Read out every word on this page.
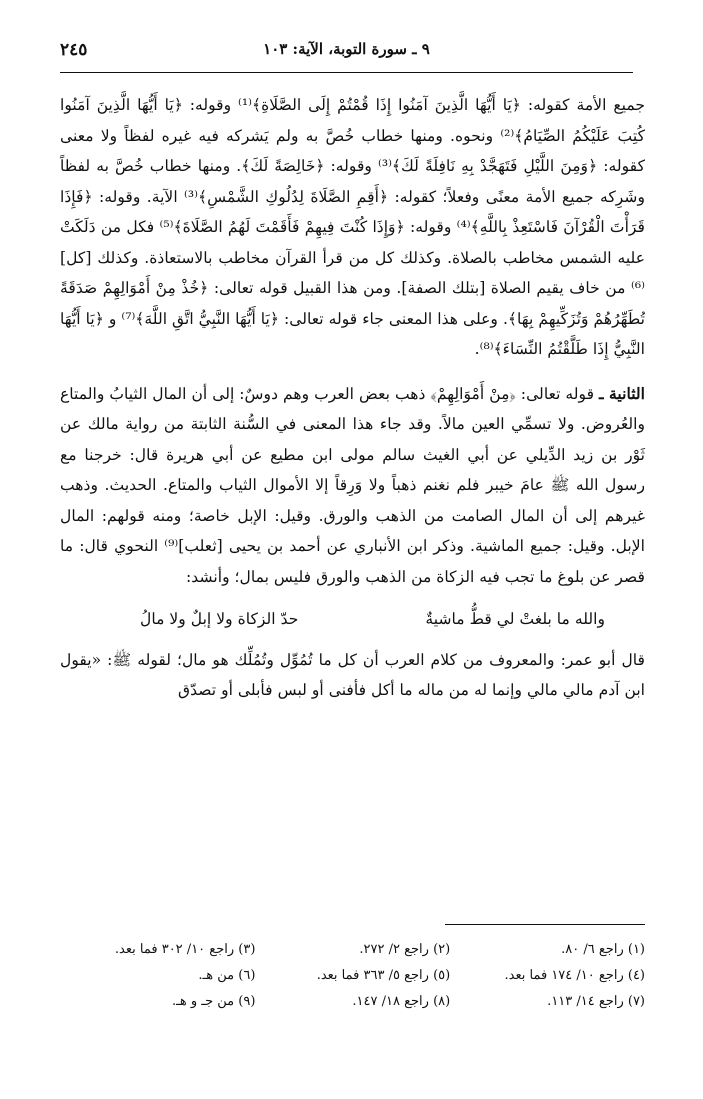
٩ ـ سورة التوبة، الآية: ١٠٣
٢٤٥

جميع الأمة كقوله: ﴿يَا أَيُّهَا الَّذِينَ آمَنُوا إِذَا قُمْتُمْ إِلَى الصَّلَاةِ﴾⁽¹⁾ وقوله: ﴿يَا أَيُّهَا الَّذِينَ آمَنُوا كُتِبَ عَلَيْكُمُ الصِّيَامُ﴾⁽²⁾ ونحوه. ومنها خطاب خُصَّ به ولم يَشركه فيه غيره لفظاً ولا معنى كقوله: ﴿وَمِنَ اللَّيْلِ فَتَهَجَّدْ بِهِ نَافِلَةً لَكَ﴾⁽³⁾ وقوله: ﴿خَالِصَةً لَكَ﴾. ومنها خطاب خُصَّ به لفظاً وشَرِكه جميع الأمة معنًى وفعلاً؛ كقوله: ﴿أَقِمِ الصَّلَاةَ لِدُلُوكِ الشَّمْسِ﴾⁽³⁾ الآية. وقوله: ﴿فَإِذَا قَرَأْتَ الْقُرْآنَ فَاسْتَعِذْ بِاللَّهِ﴾⁽⁴⁾ وقوله: ﴿وَإِذَا كُنْتَ فِيهِمْ فَأَقَمْتَ لَهُمُ الصَّلَاةَ﴾⁽⁵⁾ فكل من دَلَكَتْ عليه الشمس مخاطب بالصلاة. وكذلك كل من قرأ القرآن مخاطب بالاستعاذة. وكذلك [كل]⁽⁶⁾ من خاف يقيم الصلاة [بتلك الصفة]. ومن هذا القبيل قوله تعالى: ﴿خُذْ مِنْ أَمْوَالِهِمْ صَدَقَةً تُطَهِّرُهُمْ وَتُزَكِّيهِمْ بِهَا﴾. وعلى هذا المعنى جاء قوله تعالى: ﴿يَا أَيُّهَا النَّبِيُّ اتَّقِ اللَّهَ﴾⁽⁷⁾ و ﴿يَا أَيُّهَا النَّبِيُّ إِذَا طَلَّقْتُمُ النِّسَاءَ﴾⁽⁸⁾.

الثانية ـ قوله تعالى: ﴿مِنْ أَمْوَالِهِمْ﴾ ذهب بعض العرب وهم دوسٌ: إلى أن المال الثيابُ والمتاع والعُروض. ولا تسمِّي العين مالاً. وقد جاء هذا المعنى في السُّنة الثابتة من رواية مالك عن ثَوْر بن زيد الدِّيلي عن أبي الغيث سالم مولى ابن مطيع عن أبي هريرة قال: خرجنا مع رسول الله ﷺ عامَ خيبر فلم نغنم ذهباً ولا وَرِقاً إلا الأموال الثياب والمتاع. الحديث. وذهب غيرهم إلى أن المال الصامت من الذهب والورق. وقيل: الإبل خاصة؛ ومنه قولهم: المال الإبل. وقيل: جميع الماشية. وذكر ابن الأنباري عن أحمد بن يحيى [ثعلب]⁽⁹⁾ النحوي قال: ما قصر عن بلوغ ما تجب فيه الزكاة من الذهب والورق فليس بمال؛ وأنشد:

والله ما بلغتْ لي قطُّ ماشيةٌ
حدّ الزكاة ولا إبلٌ ولا مالُ

قال أبو عمر: والمعروف من كلام العرب أن كل ما تُمُوِّل وتُمُلِّك هو مال؛ لقوله ﷺ: «يقول ابن آدم مالي مالي وإنما له من ماله ما أكل فأفنى أو لبس فأبلى أو تصدّق

(١) راجع ٦/ ٨٠.
(٢) راجع ٢/ ٢٧٢.
(٣) راجع ١٠/ ٣٠٢ فما بعد.
(٤) راجع ١٠/ ١٧٤ فما بعد.
(٥) راجع ٥/ ٣٦٣ فما بعد.
(٦) من هـ.
(٧) راجع ١٤/ ١١٣.
(٨) راجع ١٨/ ١٤٧.
(٩) من جـ و هـ.
